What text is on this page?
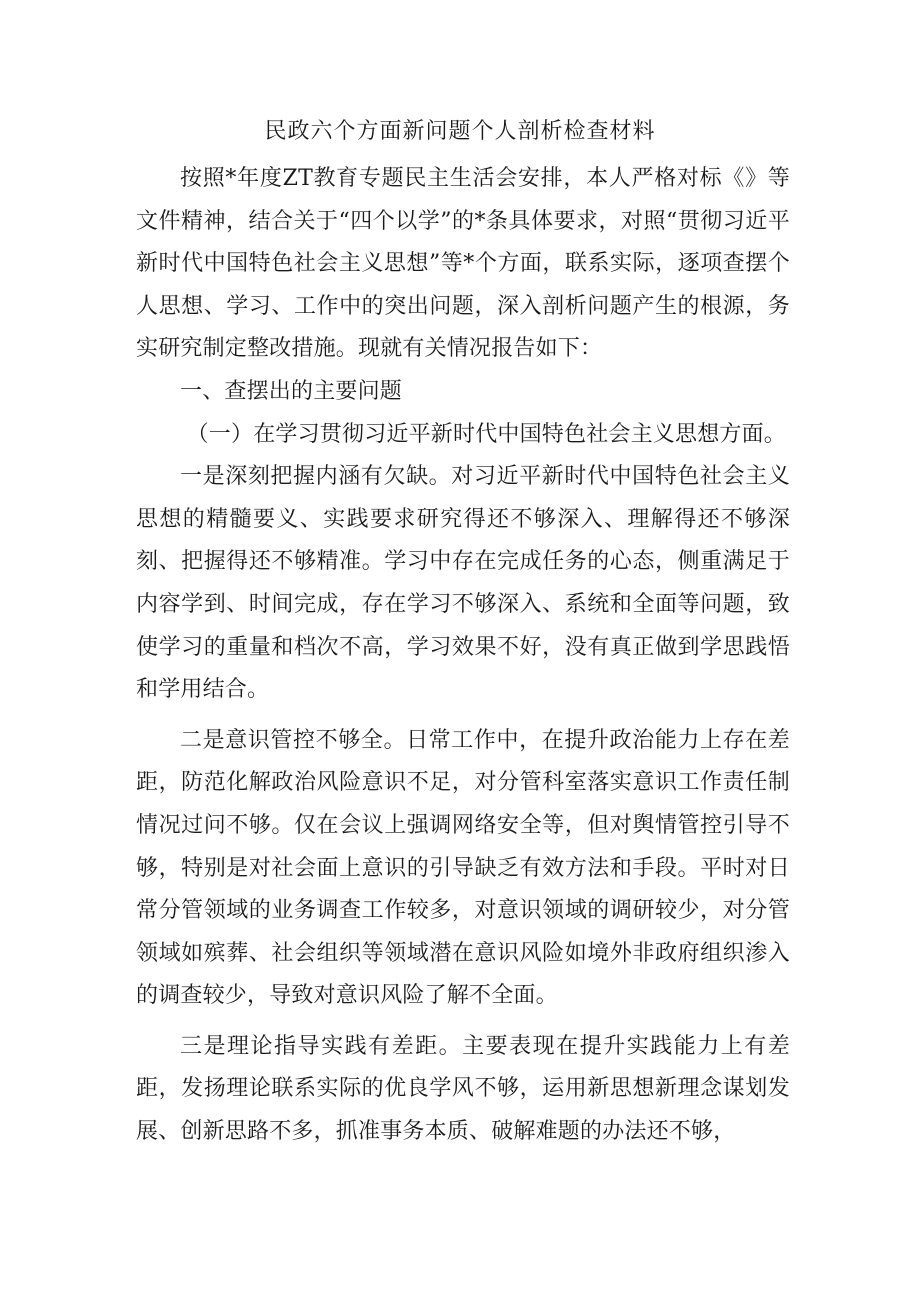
民政六个方面新问题个人剖析检查材料

按照*年度ZT教育专题民主生活会安排，本人严格对标《》等文件精神，结合关于“四个以学”的*条具体要求，对照“贯彻习近平新时代中国特色社会主义思想”等*个方面，联系实际，逐项查摆个人思想、学习、工作中的突出问题，深入剖析问题产生的根源，务实研究制定整改措施。现就有关情况报告如下：

一、查摆出的主要问题

（一）在学习贯彻习近平新时代中国特色社会主义思想方面。

一是深刻把握内涵有欠缺。对习近平新时代中国特色社会主义思想的精髓要义、实践要求研究得还不够深入、理解得还不够深刻、把握得还不够精准。学习中存在完成任务的心态，侧重满足于内容学到、时间完成，存在学习不够深入、系统和全面等问题，致使学习的重量和档次不高，学习效果不好，没有真正做到学思践悟和学用结合。

二是意识管控不够全。日常工作中，在提升政治能力上存在差距，防范化解政治风险意识不足，对分管科室落实意识工作责任制情况过问不够。仅在会议上强调网络安全等，但对舆情管控引导不够，特别是对社会面上意识的引导缺乏有效方法和手段。平时对日常分管领域的业务调查工作较多，对意识领域的调研较少，对分管领域如殡葬、社会组织等领域潜在意识风险如境外非政府组织渗入的调查较少，导致对意识风险了解不全面。

三是理论指导实践有差距。主要表现在提升实践能力上有差距，发扬理论联系实际的优良学风不够，运用新思想新理念谋划发展、创新思路不多，抓准事务本质、破解难题的办法还不够，
